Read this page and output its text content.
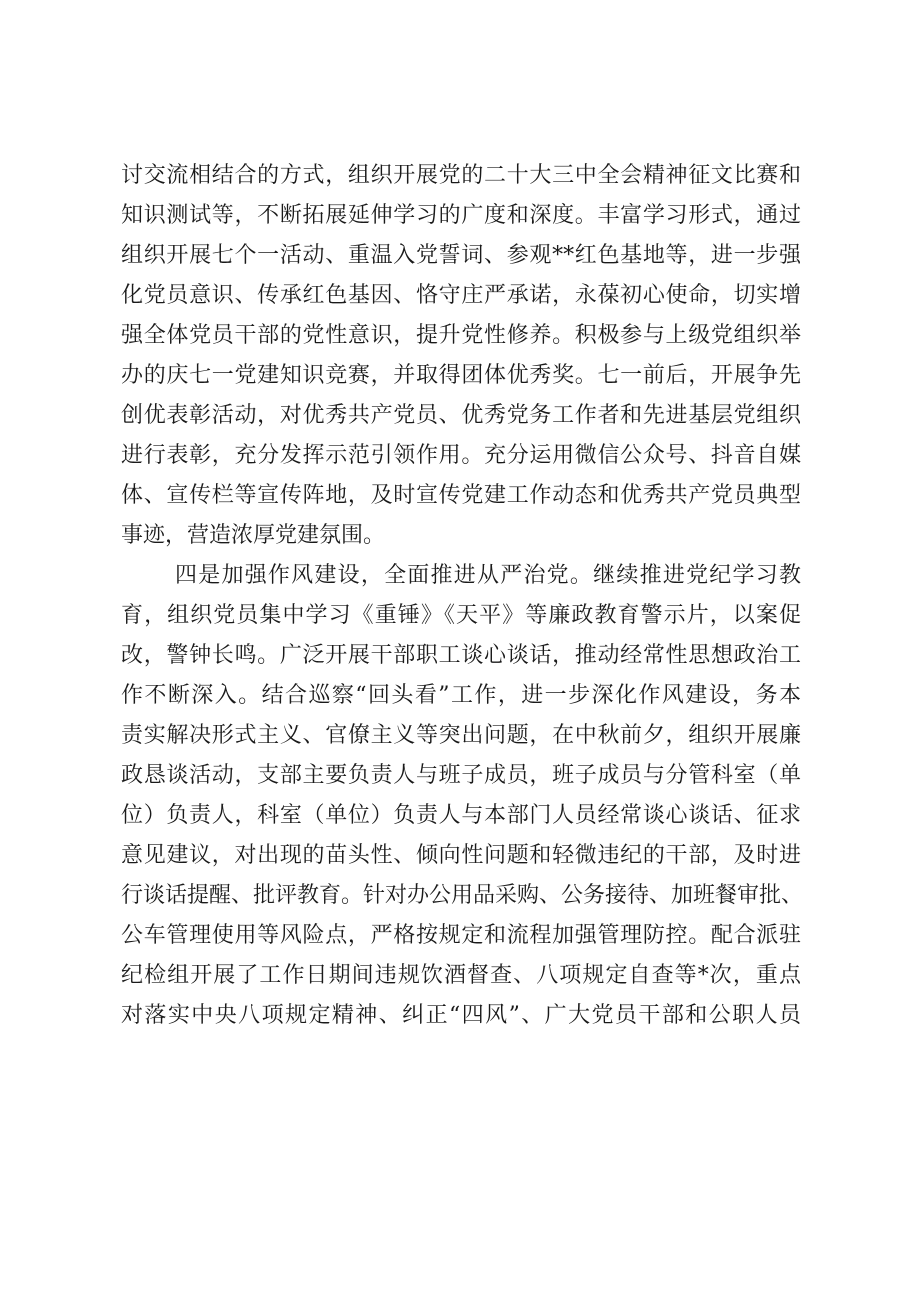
讨交流相结合的方式，组织开展党的二十大三中全会精神征文比赛和
知识测试等，不断拓展延伸学习的广度和深度。丰富学习形式，通过
组织开展七个一活动、重温入党誓词、参观**红色基地等，进一步强
化党员意识、传承红色基因、恪守庄严承诺，永葆初心使命，切实增
强全体党员干部的党性意识，提升党性修养。积极参与上级党组织举
办的庆七一党建知识竞赛，并取得团体优秀奖。七一前后，开展争先
创优表彰活动，对优秀共产党员、优秀党务工作者和先进基层党组织
进行表彰，充分发挥示范引领作用。充分运用微信公众号、抖音自媒
体、宣传栏等宣传阵地，及时宣传党建工作动态和优秀共产党员典型
事迹，营造浓厚党建氛围。
四是加强作风建设，全面推进从严治党。继续推进党纪学习教
育，组织党员集中学习《重锤》《天平》等廉政教育警示片，以案促
改，警钟长鸣。广泛开展干部职工谈心谈话，推动经常性思想政治工
作不断深入。结合巡察“回头看”工作，进一步深化作风建设，务本
责实解决形式主义、官僚主义等突出问题，在中秋前夕，组织开展廉
政恳谈活动，支部主要负责人与班子成员，班子成员与分管科室（单
位）负责人，科室（单位）负责人与本部门人员经常谈心谈话、征求
意见建议，对出现的苗头性、倾向性问题和轻微违纪的干部，及时进
行谈话提醒、批评教育。针对办公用品采购、公务接待、加班餐审批、
公车管理使用等风险点，严格按规定和流程加强管理防控。配合派驻
纪检组开展了工作日期间违规饮酒督查、八项规定自查等*次，重点
对落实中央八项规定精神、纠正“四风”、广大党员干部和公职人员
